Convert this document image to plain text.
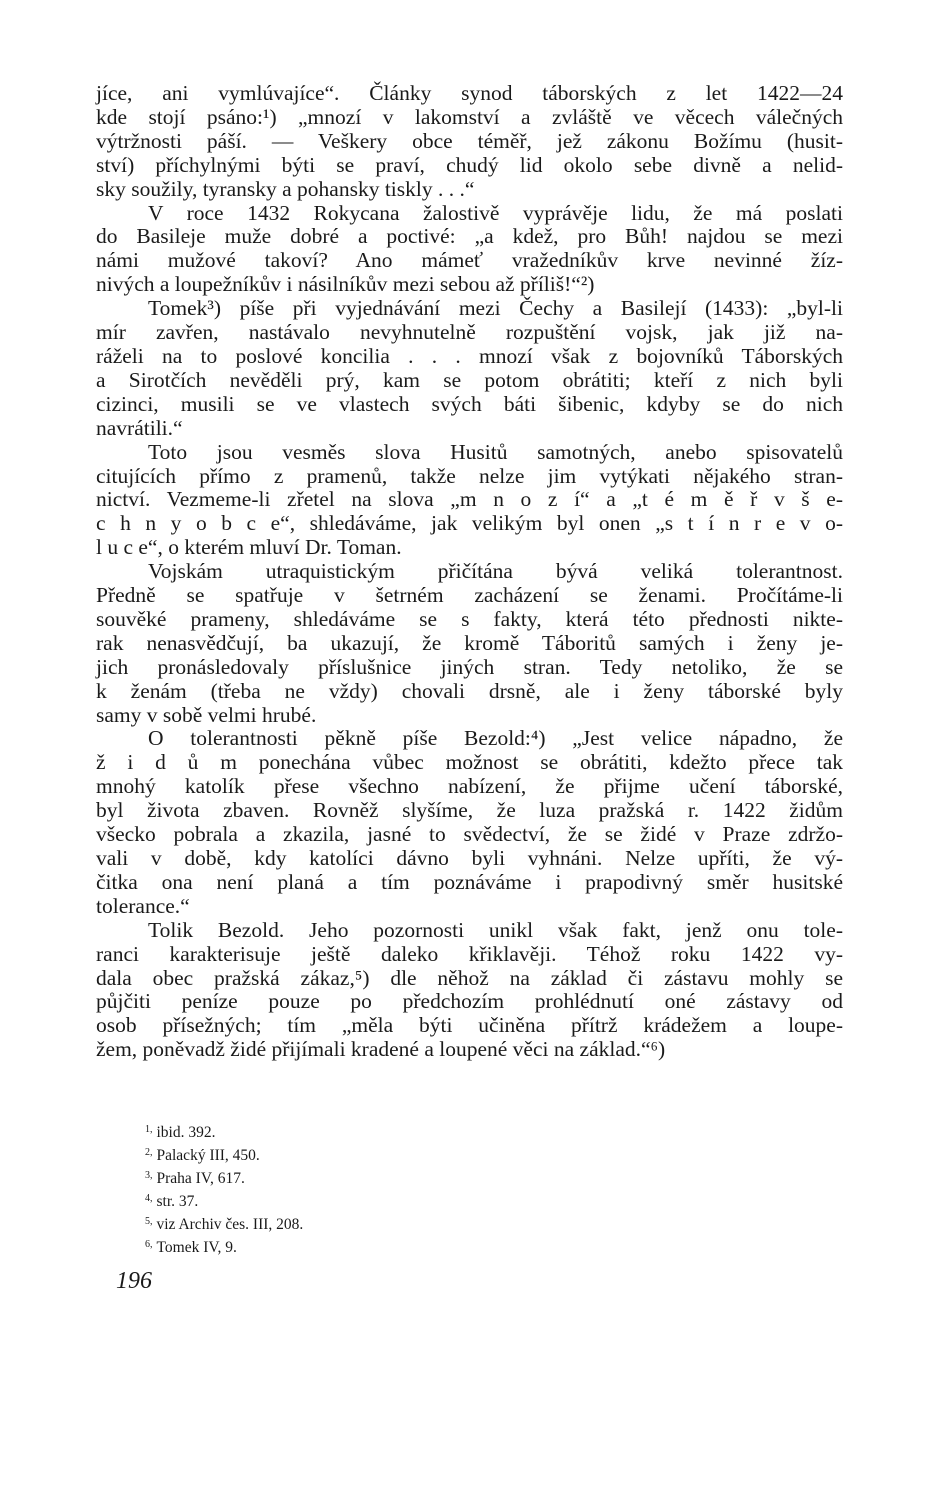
jíce, ani vymlúvajíce“. Články synod táborských z let 1422—24
kde stojí psáno:¹) „mnozí v lakomství a zvláště ve věcech válečných
výtržnosti páší. — Veškery obce téměř, jež zákonu Božímu (husit-
ství) příchylnými býti se praví, chudý lid okolo sebe divně a nelid-
sky soužily, tyransky a pohansky tiskly . . .“

V roce 1432 Rokycana žalostivě vyprávěje lidu, že má poslati
do Basileje muže dobré a poctivé: „a kdež, pro Bůh! najdou se mezi
námi mužové takoví? Ano mámeť vražedníkův krve nevinné žíz-
nivých a loupežníkův i násilníkův mezi sebou až příliš!“²)

Tomek³) píše při vyjednávání mezi Čechy a Basilejí (1433): „byl-li
mír zavřen, nastávalo nevyhnutelně rozpuštění vojsk, jak již na-
ráželi na to poslové koncilia . . . mnozí však z bojovníků Táborských
a Sirotčích nevěděli prý, kam se potom obrátiti; kteří z nich byli
cizinci, musili se ve vlastech svých báti šibenic, kdyby se do nich
navrátili.“

Toto jsou vesměs slova Husitů samotných, anebo spisovatelů
citujících přímo z pramenů, takže nelze jim vytýkati nějakého stran-
nictví. Vezmeme-li zřetel na slova „m n o z í“ a „t é m ě ř v š e-
c h n y o b c e“, shledáváme, jak velikým byl onen „s t í n r e v o-
l u c e“, o kterém mluví Dr. Toman.

Vojskám utraquistickým přičítána bývá veliká tolerantnost.
Předně se spatřuje v šetrném zacházení se ženami. Pročítáme-li
souvěké prameny, shledáváme se s fakty, která této přednosti nikte-
rak nenasvědčují, ba ukazují, že kromě Táboritů samých i ženy je-
jich pronásledovaly příslušnice jiných stran. Tedy netoliko, že se
k ženám (třeba ne vždy) chovali drsně, ale i ženy táborské byly
samy v sobě velmi hrubé.

O tolerantnosti pěkně píše Bezold:⁴) „Jest velice nápadno, že
ž i d ů m ponechána vůbec možnost se obrátiti, kdežto přece tak
mnohý katolík přese všechno nabízení, že přijme učení táborské,
byl života zbaven. Rovněž slyšíme, že luza pražská r. 1422 židům
všecko pobrala a zkazila, jasné to svědectví, že se židé v Praze zdržo-
vali v době, kdy katolíci dávno byli vyhnáni. Nelze upříti, že vý-
čitka ona není planá a tím poznáváme i prapodivný směr husitské
tolerance.“

Tolik Bezold. Jeho pozornosti unikl však fakt, jenž onu tole-
ranci karakterisuje ještě daleko křiklavěji. Téhož roku 1422 vy-
dala obec pražská zákaz,⁵) dle něhož na základ či zástavu mohly se
půjčiti peníze pouze po předchozím prohlédnutí oné zástavy od
osob přísežných; tím „měla býti učiněna přítrž krádežem a loupe-
žem, poněvadž židé přijímali kradené a loupené věci na základ.“⁶)

$^{1,}$ ibid. 392.
$^{2,}$ Palacký III, 450.
$^{3,}$ Praha IV, 617.
$^{4,}$ str. 37.
$^{5,}$ viz Archiv čes. III, 208.
$^{6,}$ Tomek IV, 9.
196
